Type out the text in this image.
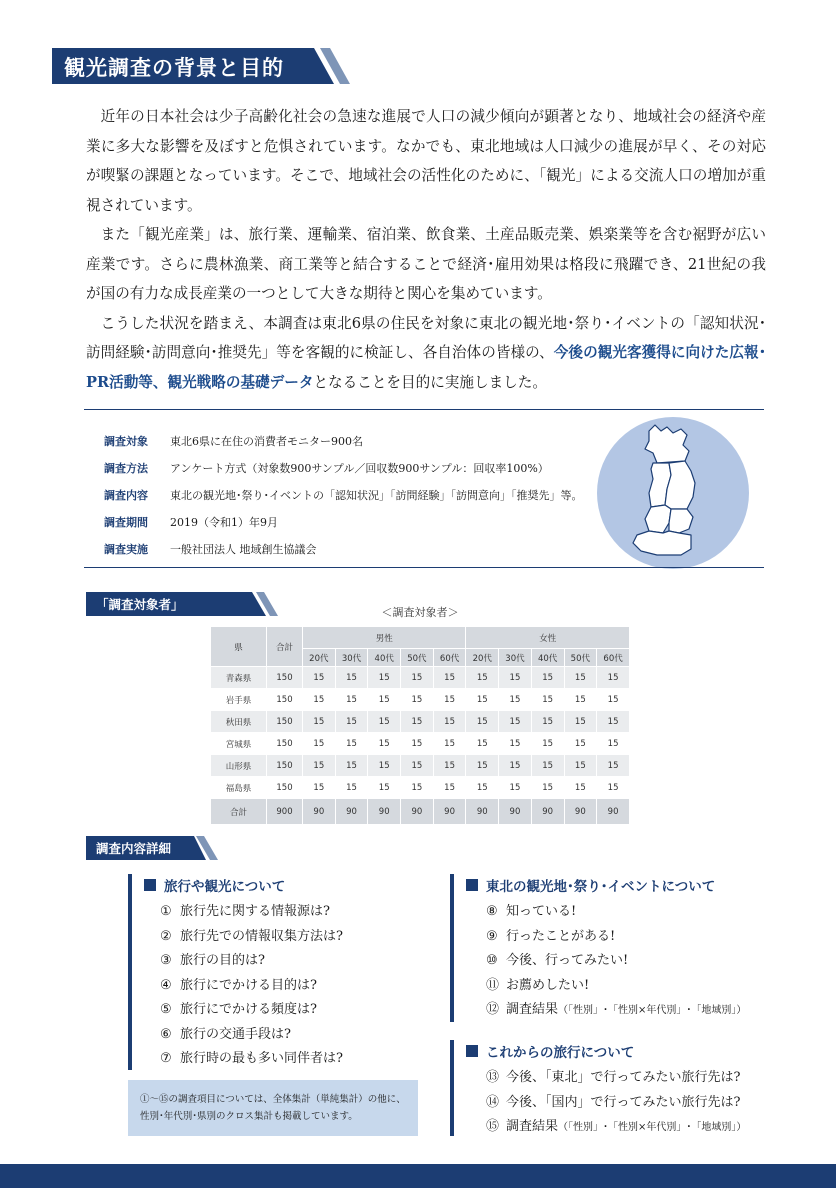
観光調査の背景と目的

近年の日本社会は少子高齢化社会の急速な進展で人口の減少傾向が顕著となり、地域社会の経済や産業に多大な影響を及ぼすと危惧されています。なかでも、東北地域は人口減少の進展が早く、その対応が喫緊の課題となっています。そこで、地域社会の活性化のために、「観光」による交流人口の増加が重視されています。

また「観光産業」は、旅行業、運輸業、宿泊業、飲食業、土産品販売業、娯楽業等を含む裾野が広い産業です。さらに農林漁業、商工業等と結合することで経済･雇用効果は格段に飛躍でき、21世紀の我が国の有力な成長産業の一つとして大きな期待と関心を集めています。

こうした状況を踏まえ、本調査は東北6県の住民を対象に東北の観光地･祭り･イベントの「認知状況･訪問経験･訪問意向･推奨先」等を客観的に検証し、各自治体の皆様の、今後の観光客獲得に向けた広報･PR活動等、観光戦略の基礎データとなることを目的に実施しました。

調査対象	東北6県に在住の消費者モニター900名
調査方法	アンケート方式（対象数900サンプル／回収数900サンプル：回収率100%）
調査内容	東北の観光地･祭り･イベントの「認知状況」「訪問経験」「訪問意向」「推奨先」等。
調査期間	2019（令和1）年9月
調査実施	一般社団法人 地域創生協議会
「調査対象者」
＜調査対象者＞
県	合計	男性					女性				
		20代	30代	40代	50代	60代	20代	30代	40代	50代	60代
青森県	150	15	15	15	15	15	15	15	15	15	15
岩手県	150	15	15	15	15	15	15	15	15	15	15
秋田県	150	15	15	15	15	15	15	15	15	15	15
宮城県	150	15	15	15	15	15	15	15	15	15	15
山形県	150	15	15	15	15	15	15	15	15	15	15
福島県	150	15	15	15	15	15	15	15	15	15	15
合計	900	90	90	90	90	90	90	90	90	90	90
調査内容詳細
旅行や観光について
① 旅行先に関する情報源は?
② 旅行先での情報収集方法は?
③ 旅行の目的は?
④ 旅行にでかける目的は?
⑤ 旅行にでかける頻度は?
⑥ 旅行の交通手段は?
⑦ 旅行時の最も多い同伴者は?
東北の観光地･祭り･イベントについて
⑧ 知っている!
⑨ 行ったことがある!
⑩ 今後、行ってみたい!
⑪ お薦めしたい!
⑫ 調査結果（「性別」･「性別×年代別」･「地域別」）
これからの旅行について
⑬ 今後、「東北」で行ってみたい旅行先は?
⑭ 今後、「国内」で行ってみたい旅行先は?
⑮ 調査結果（「性別」･「性別×年代別」･「地域別」）
①～⑮の調査項目については、全体集計（単純集計）の他に、
性別･年代別･県別のクロス集計も掲載しています。
